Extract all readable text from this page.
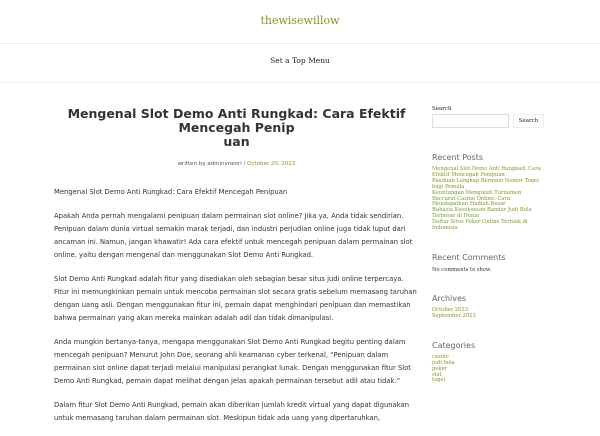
thewisewillow
Set a Top Menu
Mengenal Slot Demo Anti Rungkad: Cara Efektif Mencegah Penip
uan
written by adminvneori / October 20, 2023

Mengenal Slot Demo Anti Rungkad: Cara Efektif Mencegah Penipuan

Apakah Anda pernah mengalami penipuan dalam permainan slot online? Jika ya, Anda tidak sendirian. Penipuan dalam dunia virtual semakin marak terjadi, dan industri perjudian online juga tidak luput dari ancaman ini. Namun, jangan khawatir! Ada cara efektif untuk mencegah penipuan dalam permainan slot online, yaitu dengan mengenal dan menggunakan Slot Demo Anti Rungkad.

Slot Demo Anti Rungkad adalah fitur yang disediakan oleh sebagian besar situs judi online terpercaya. Fitur ini memungkinkan pemain untuk mencoba permainan slot secara gratis sebelum memasang taruhan dengan uang asli. Dengan menggunakan fitur ini, pemain dapat menghindari penipuan dan memastikan bahwa permainan yang akan mereka mainkan adalah adil dan tidak dimanipulasi.

Anda mungkin bertanya-tanya, mengapa menggunakan Slot Demo Anti Rungkad begitu penting dalam mencegah penipuan? Menurut John Doe, seorang ahli keamanan cyber terkenal, “Penipuan dalam permainan slot online dapat terjadi melalui manipulasi perangkat lunak. Dengan menggunakan fitur Slot Demo Anti Rungkad, pemain dapat melihat dengan jelas apakah permainan tersebut adil atau tidak.”

Dalam fitur Slot Demo Anti Rungkad, pemain akan diberikan jumlah kredit virtual yang dapat digunakan untuk memasang taruhan dalam permainan slot. Meskipun tidak ada uang yang dipertaruhkan,

Search
Search
Recent Posts
Mengenal Slot Demo Anti Rungkad: Cara Efektif Mencegah Penipuan
Panduan Lengkap Bermain Nomor Togel bagi Pemula
Keuntungan Mengikuti Turnamen Baccarat Casino Online: Cara Mendapatkan Hadiah Besar
Rahasia Kesuksesan Bandar Judi Bola Terbesar di Dunia
Daftar Situs Poker Online Terbaik di Indonesia
Recent Comments
No comments to show.
Archives
October 2023
September 2023
Categories
casino
judi bola
poker
slot
togel
